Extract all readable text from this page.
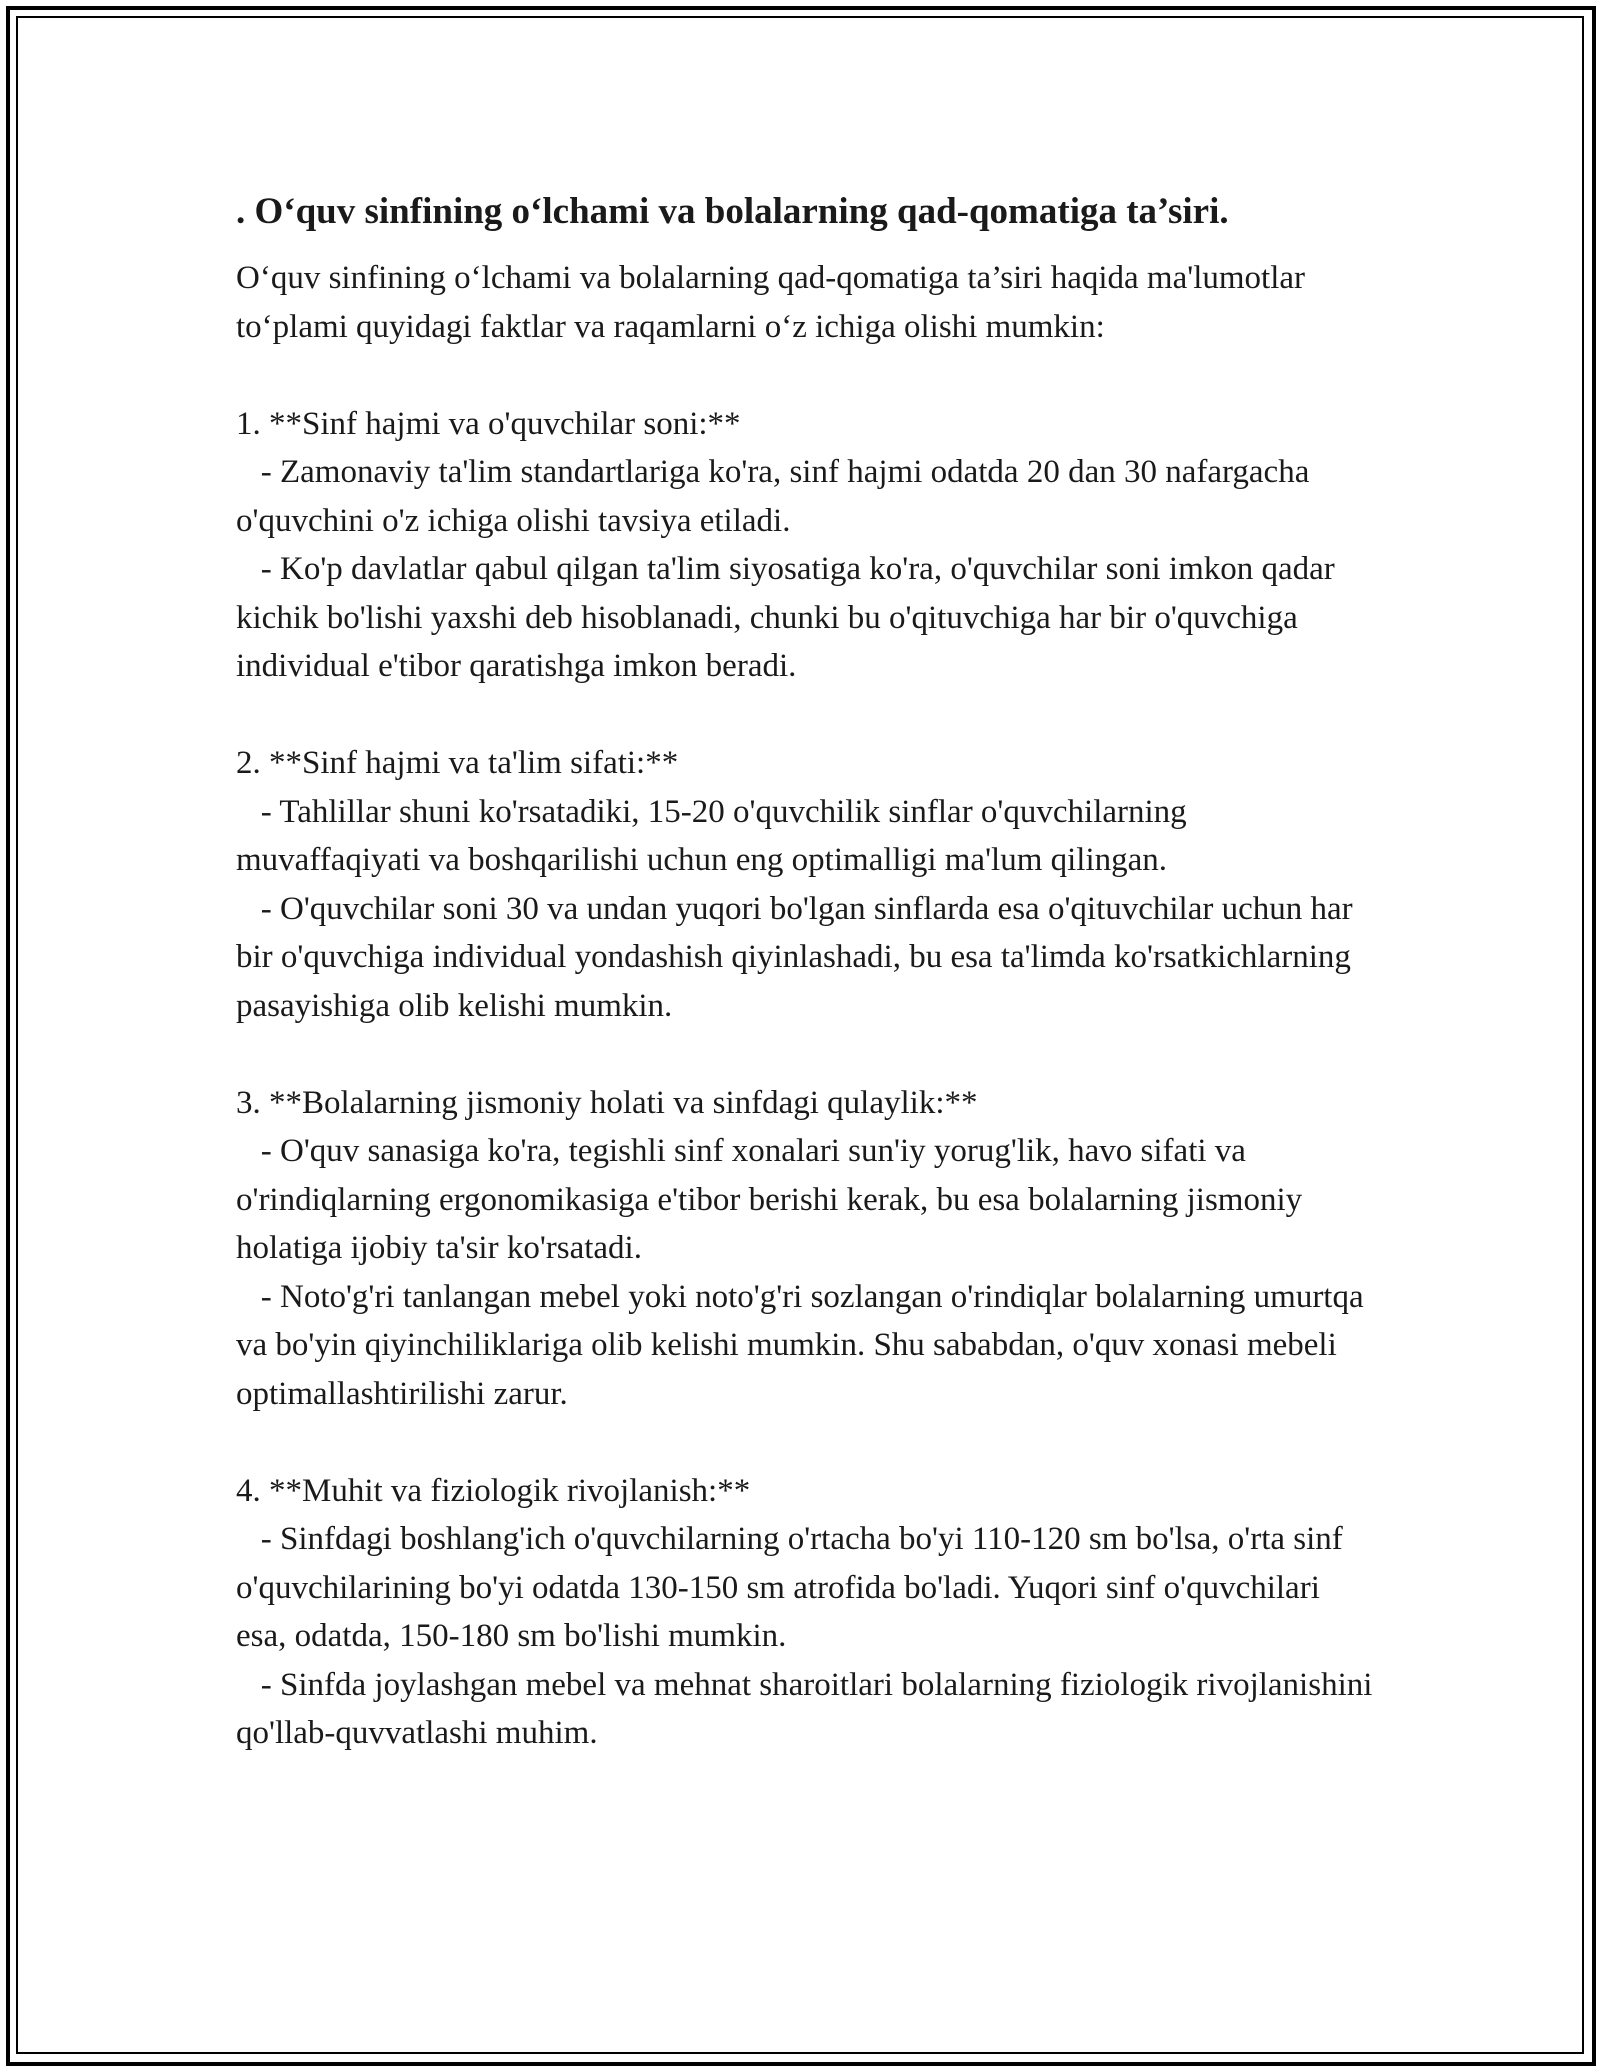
. O‘quv sinfining o‘lchami va bolalarning qad-qomatiga ta’siri.

O‘quv sinfining o‘lchami va bolalarning qad-qomatiga ta’siri haqida ma'lumotlar to‘plami quyidagi faktlar va raqamlarni o‘z ichiga olishi mumkin:

1. **Sinf hajmi va o'quvchilar soni:**

- Zamonaviy ta'lim standartlariga ko'ra, sinf hajmi odatda 20 dan 30 nafargacha o'quvchini o'z ichiga olishi tavsiya etiladi.

- Ko'p davlatlar qabul qilgan ta'lim siyosatiga ko'ra, o'quvchilar soni imkon qadar kichik bo'lishi yaxshi deb hisoblanadi, chunki bu o'qituvchiga har bir o'quvchiga individual e'tibor qaratishga imkon beradi.

2. **Sinf hajmi va ta'lim sifati:**

- Tahlillar shuni ko'rsatadiki, 15-20 o'quvchilik sinflar o'quvchilarning muvaffaqiyati va boshqarilishi uchun eng optimalligi ma'lum qilingan.

- O'quvchilar soni 30 va undan yuqori bo'lgan sinflarda esa o'qituvchilar uchun har bir o'quvchiga individual yondashish qiyinlashadi, bu esa ta'limda ko'rsatkichlarning pasayishiga olib kelishi mumkin.

3. **Bolalarning jismoniy holati va sinfdagi qulaylik:**

- O'quv sanasiga ko'ra, tegishli sinf xonalari sun'iy yorug'lik, havo sifati va o'rindiqlarning ergonomikasiga e'tibor berishi kerak, bu esa bolalarning jismoniy holatiga ijobiy ta'sir ko'rsatadi.

- Noto'g'ri tanlangan mebel yoki noto'g'ri sozlangan o'rindiqlar bolalarning umurtqa va bo'yin qiyinchiliklariga olib kelishi mumkin. Shu sababdan, o'quv xonasi mebeli optimallashtirilishi zarur.

4. **Muhit va fiziologik rivojlanish:**

- Sinfdagi boshlang'ich o'quvchilarning o'rtacha bo'yi 110-120 sm bo'lsa, o'rta sinf o'quvchilarining bo'yi odatda 130-150 sm atrofida bo'ladi. Yuqori sinf o'quvchilari esa, odatda, 150-180 sm bo'lishi mumkin.

- Sinfda joylashgan mebel va mehnat sharoitlari bolalarning fiziologik rivojlanishini qo'llab-quvvatlashi muhim.
